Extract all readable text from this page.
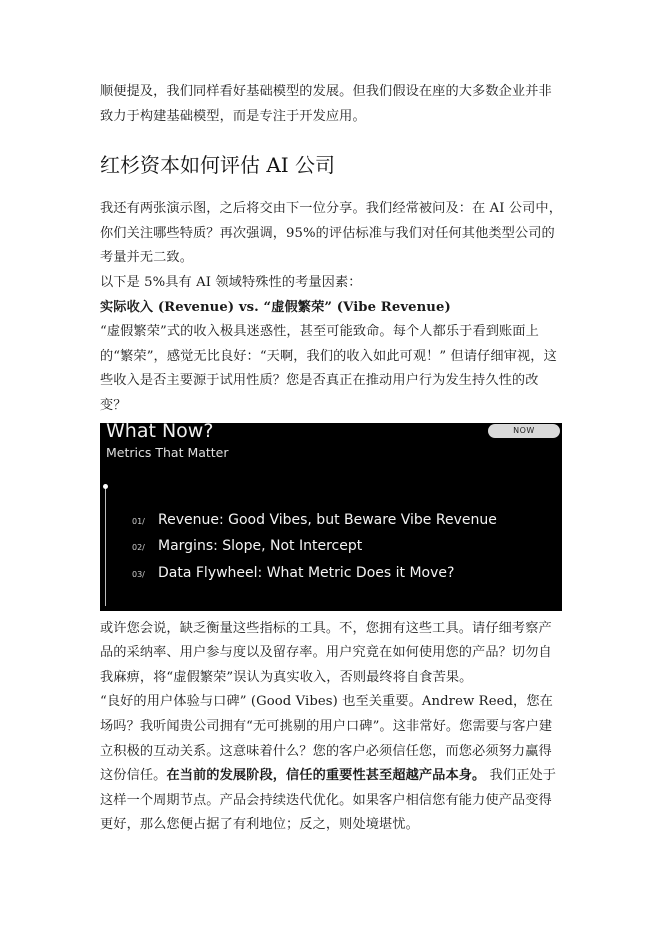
顺便提及，我们同样看好基础模型的发展。但我们假设在座的大多数企业并非致力于构建基础模型，而是专注于开发应用。

红杉资本如何评估 AI 公司

我还有两张演示图，之后将交由下一位分享。我们经常被问及：在 AI 公司中，你们关注哪些特质？再次强调，95%的评估标准与我们对任何其他类型公司的考量并无二致。

以下是 5%具有 AI 领域特殊性的考量因素：

实际收入 (Revenue) vs. “虚假繁荣” (Vibe Revenue)

“虚假繁荣”式的收入极具迷惑性，甚至可能致命。每个人都乐于看到账面上的“繁荣”，感觉无比良好：“天啊，我们的收入如此可观！” 但请仔细审视，这些收入是否主要源于试用性质？您是否真正在推动用户行为发生持久性的改变？

What Now?
Metrics That Matter
NOW
01/ Revenue: Good Vibes, but Beware Vibe Revenue
02/ Margins: Slope, Not Intercept
03/ Data Flywheel: What Metric Does it Move?

或许您会说，缺乏衡量这些指标的工具。不，您拥有这些工具。请仔细考察产品的采纳率、用户参与度以及留存率。用户究竟在如何使用您的产品？切勿自我麻痹，将“虚假繁荣”误认为真实收入，否则最终将自食苦果。

“良好的用户体验与口碑” (Good Vibes) 也至关重要。Andrew Reed，您在场吗？我听闻贵公司拥有“无可挑剔的用户口碑”。这非常好。您需要与客户建立积极的互动关系。这意味着什么？您的客户必须信任您，而您必须努力赢得这份信任。在当前的发展阶段，信任的重要性甚至超越产品本身。 我们正处于这样一个周期节点。产品会持续迭代优化。如果客户相信您有能力使产品变得更好，那么您便占据了有利地位；反之，则处境堪忧。
